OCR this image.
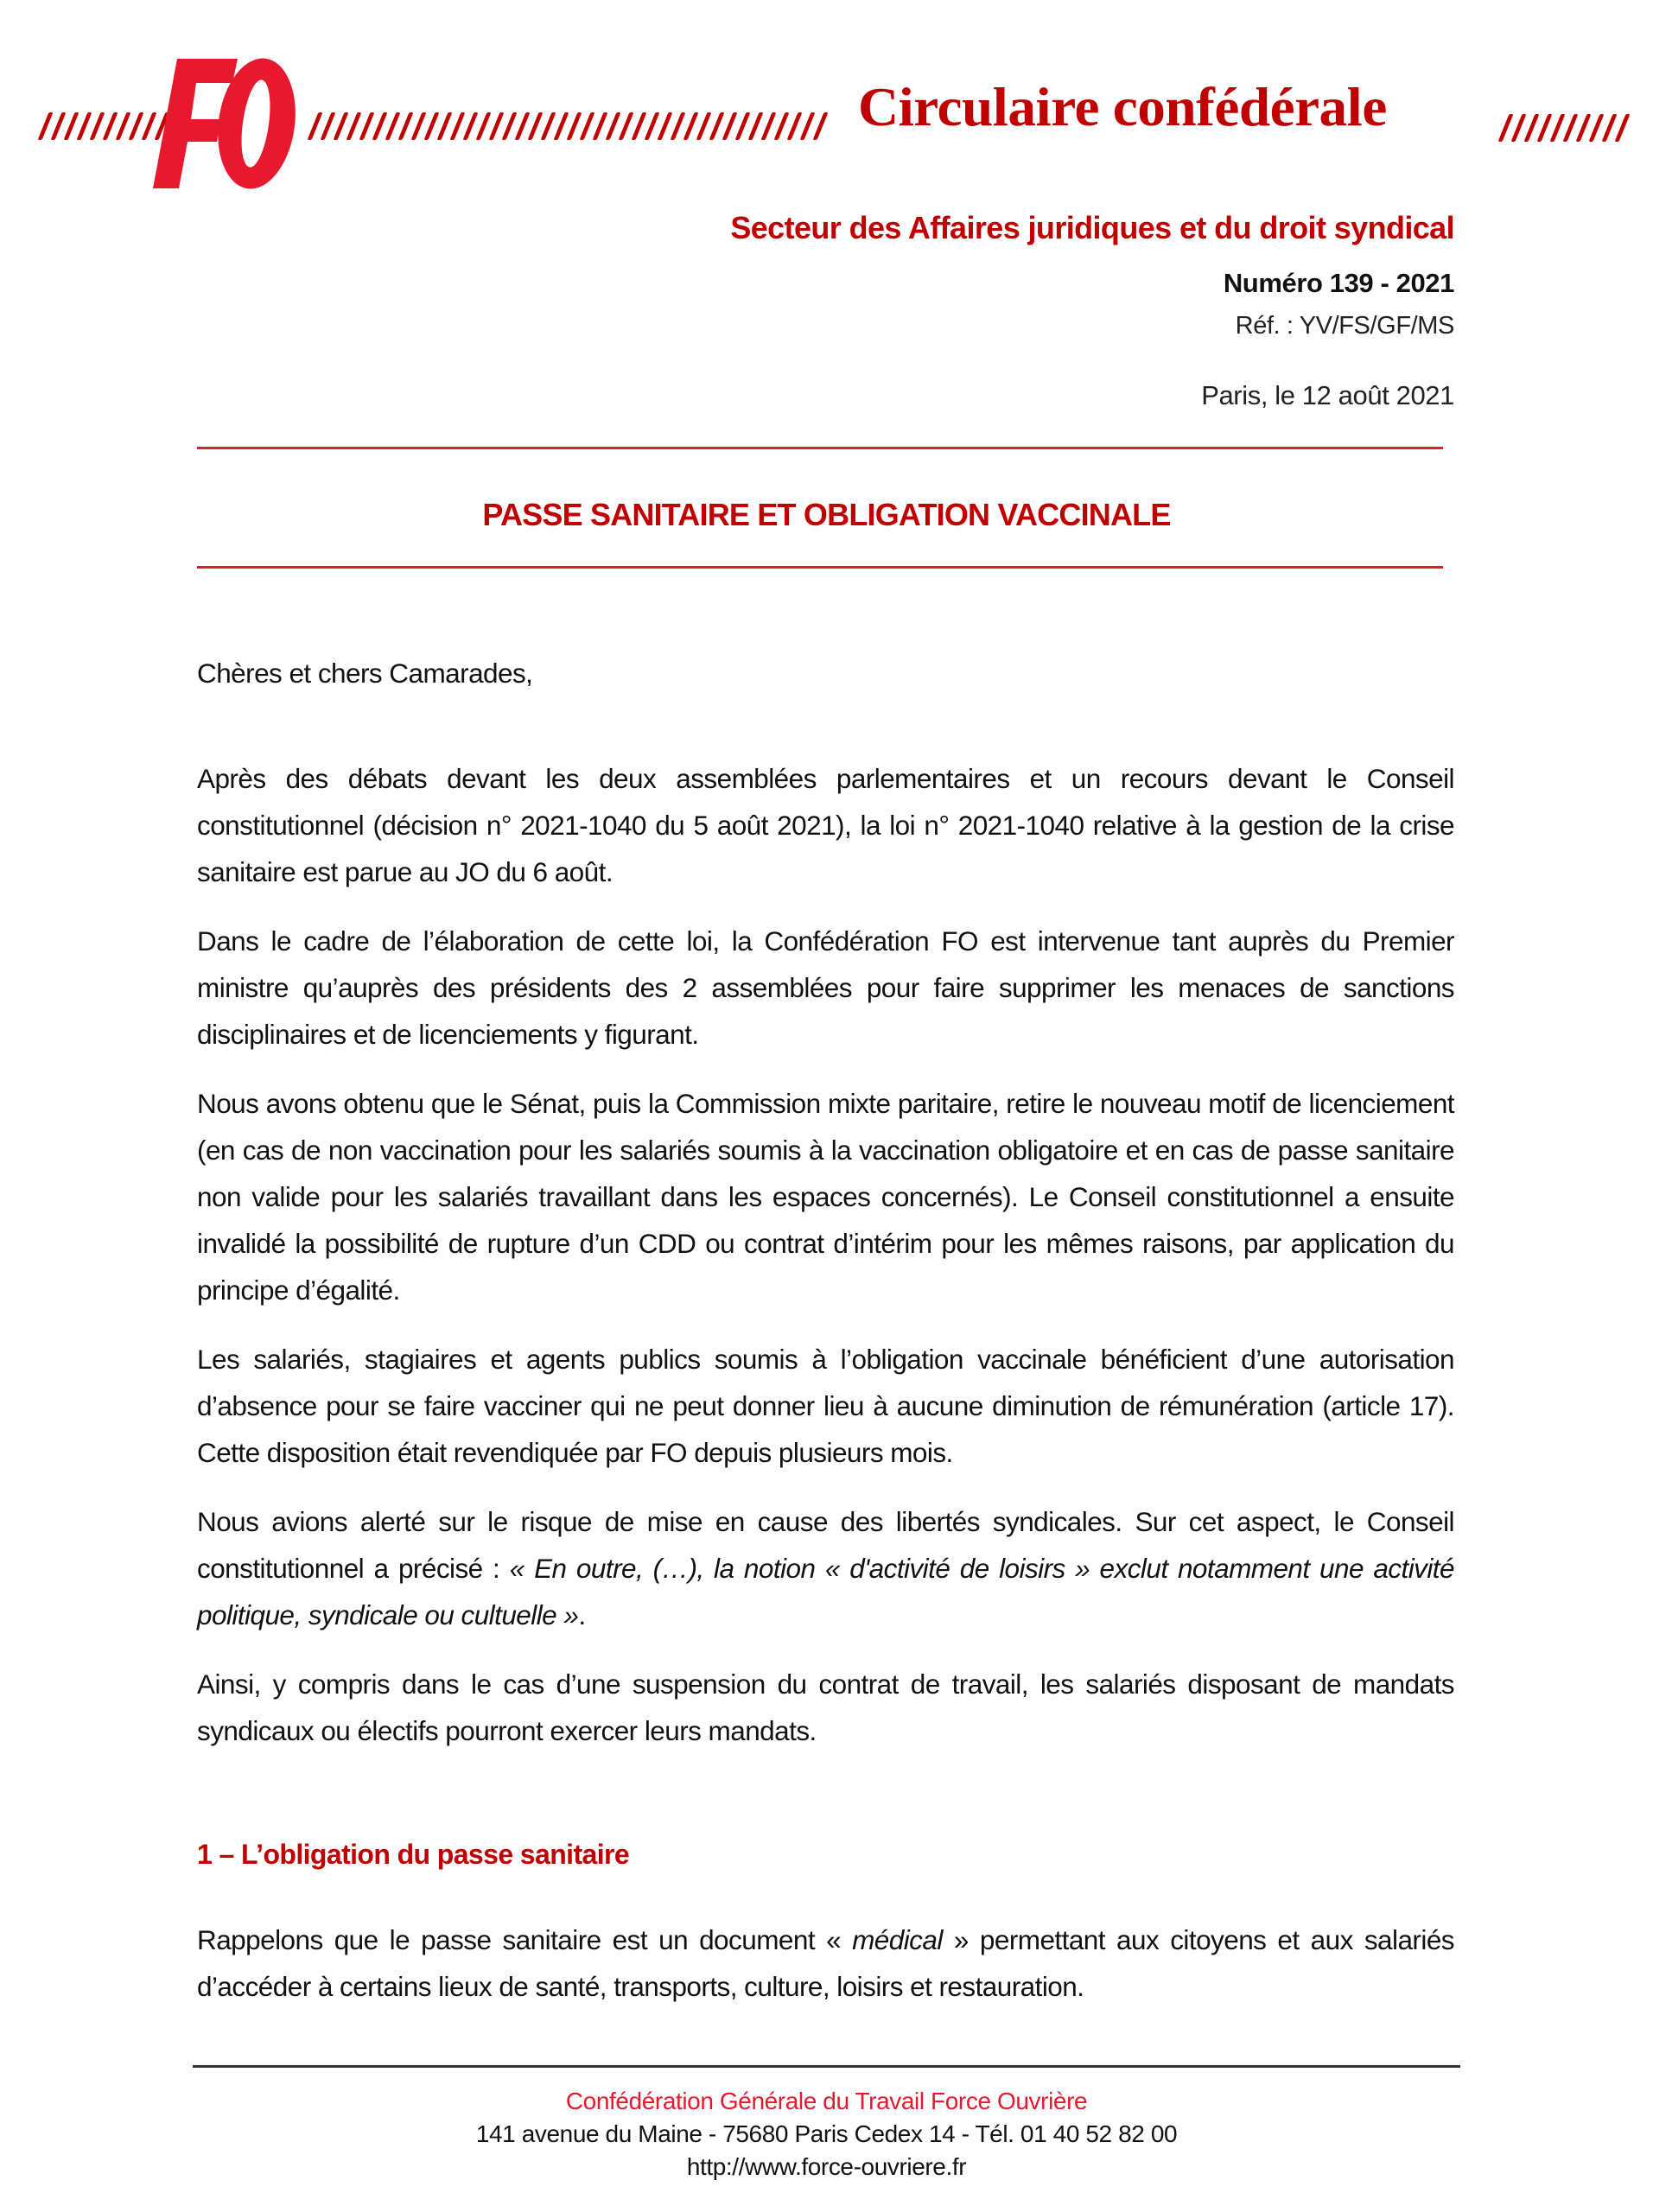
Circulaire confédérale
Secteur des Affaires juridiques et du droit syndical
Numéro 139 - 2021
Réf. : YV/FS/GF/MS
Paris, le 12 août 2021
PASSE SANITAIRE ET OBLIGATION VACCINALE

Chères et chers Camarades,

Après des débats devant les deux assemblées parlementaires et un recours devant le Conseil constitutionnel (décision n° 2021-1040 du 5 août 2021), la loi n° 2021-1040 relative à la gestion de la crise sanitaire est parue au JO du 6 août.

Dans le cadre de l’élaboration de cette loi, la Confédération FO est intervenue tant auprès du Premier ministre qu’auprès des présidents des 2 assemblées pour faire supprimer les menaces de sanctions disciplinaires et de licenciements y figurant.

Nous avons obtenu que le Sénat, puis la Commission mixte paritaire, retire le nouveau motif de licenciement (en cas de non vaccination pour les salariés soumis à la vaccination obligatoire et en cas de passe sanitaire non valide pour les salariés travaillant dans les espaces concernés). Le Conseil constitutionnel a ensuite invalidé la possibilité de rupture d’un CDD ou contrat d’intérim pour les mêmes raisons, par application du principe d’égalité.

Les salariés, stagiaires et agents publics soumis à l’obligation vaccinale bénéficient d’une autorisation d’absence pour se faire vacciner qui ne peut donner lieu à aucune diminution de rémunération (article 17). Cette disposition était revendiquée par FO depuis plusieurs mois.

Nous avions alerté sur le risque de mise en cause des libertés syndicales. Sur cet aspect, le Conseil constitutionnel a précisé : « En outre, (…), la notion « d'activité de loisirs » exclut notamment une activité politique, syndicale ou cultuelle ».

Ainsi, y compris dans le cas d’une suspension du contrat de travail, les salariés disposant de mandats syndicaux ou électifs pourront exercer leurs mandats.

1 – L’obligation du passe sanitaire

Rappelons que le passe sanitaire est un document « médical » permettant aux citoyens et aux salariés d’accéder à certains lieux de santé, transports, culture, loisirs et restauration.

Confédération Générale du Travail Force Ouvrière
141 avenue du Maine - 75680 Paris Cedex 14 - Tél. 01 40 52 82 00
http://www.force-ouvriere.fr
